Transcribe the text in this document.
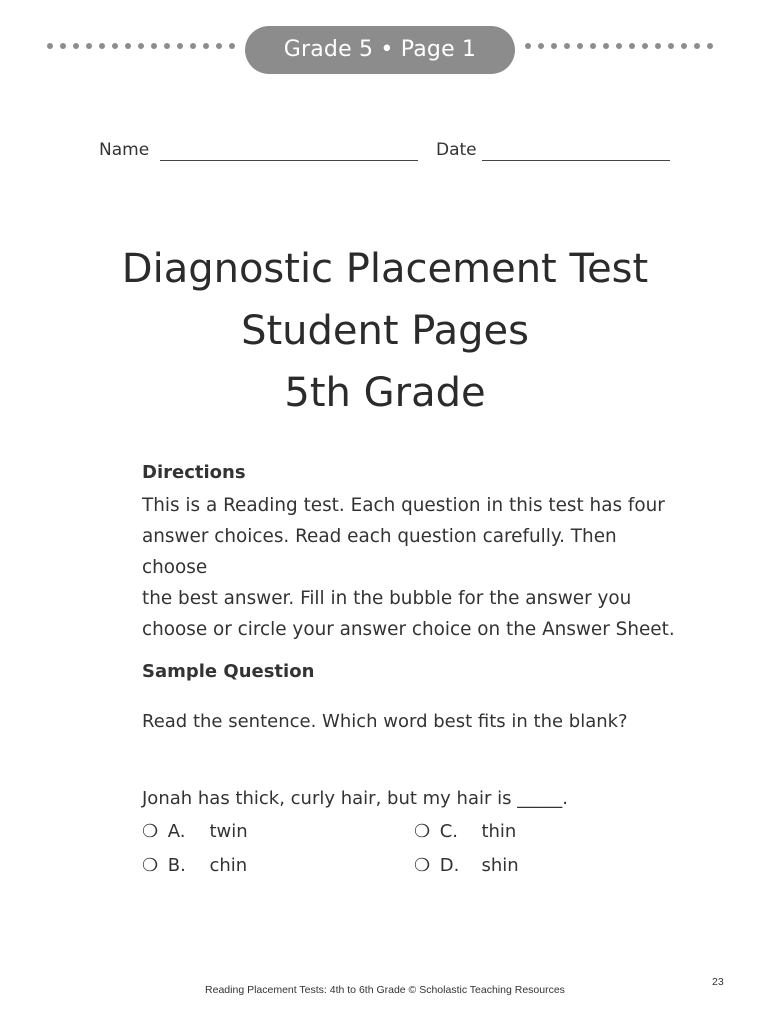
Grade 5 • Page 1
Name	Date
Diagnostic Placement Test
Student Pages
5th Grade
Directions
This is a Reading test. Each question in this test has four
answer choices. Read each question carefully. Then choose
the best answer. Fill in the bubble for the answer you
choose or circle your answer choice on the Answer Sheet.
Sample Question
Read the sentence. Which word best fits in the blank?
Jonah has thick, curly hair, but my hair is _____.
❍ A. twin
❍ B. chin
❍ C. thin
❍ D. shin
23
Reading Placement Tests: 4th to 6th Grade © Scholastic Teaching Resources
